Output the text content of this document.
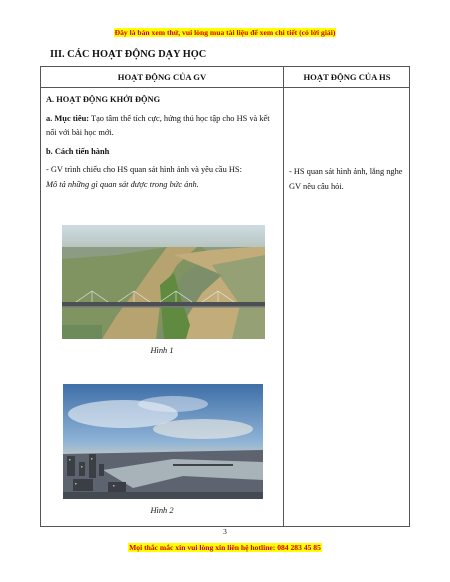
Đây là bản xem thử, vui lòng mua tài liệu để xem chi tiết (có lời giải)
III. CÁC HOẠT ĐỘNG DẠY HỌC
HOẠT ĐỘNG CỦA GV	HOẠT ĐỘNG CỦA HS

A. HOẠT ĐỘNG KHỞI ĐỘNG

a. Mục tiêu: Tạo tâm thế tích cực, hứng thú học tập cho HS và kết nối với bài học mới.

b. Cách tiến hành

- GV trình chiếu cho HS quan sát hình ảnh và yêu cầu HS:

Mô tả những gì quan sát được trong bức ảnh.

- HS quan sát hình ảnh, lắng nghe GV nêu câu hỏi.
Hình 1
Hình 2
3
Mọi thắc mắc xin vui lòng xin liên hệ hotline: 084 283 45 85
